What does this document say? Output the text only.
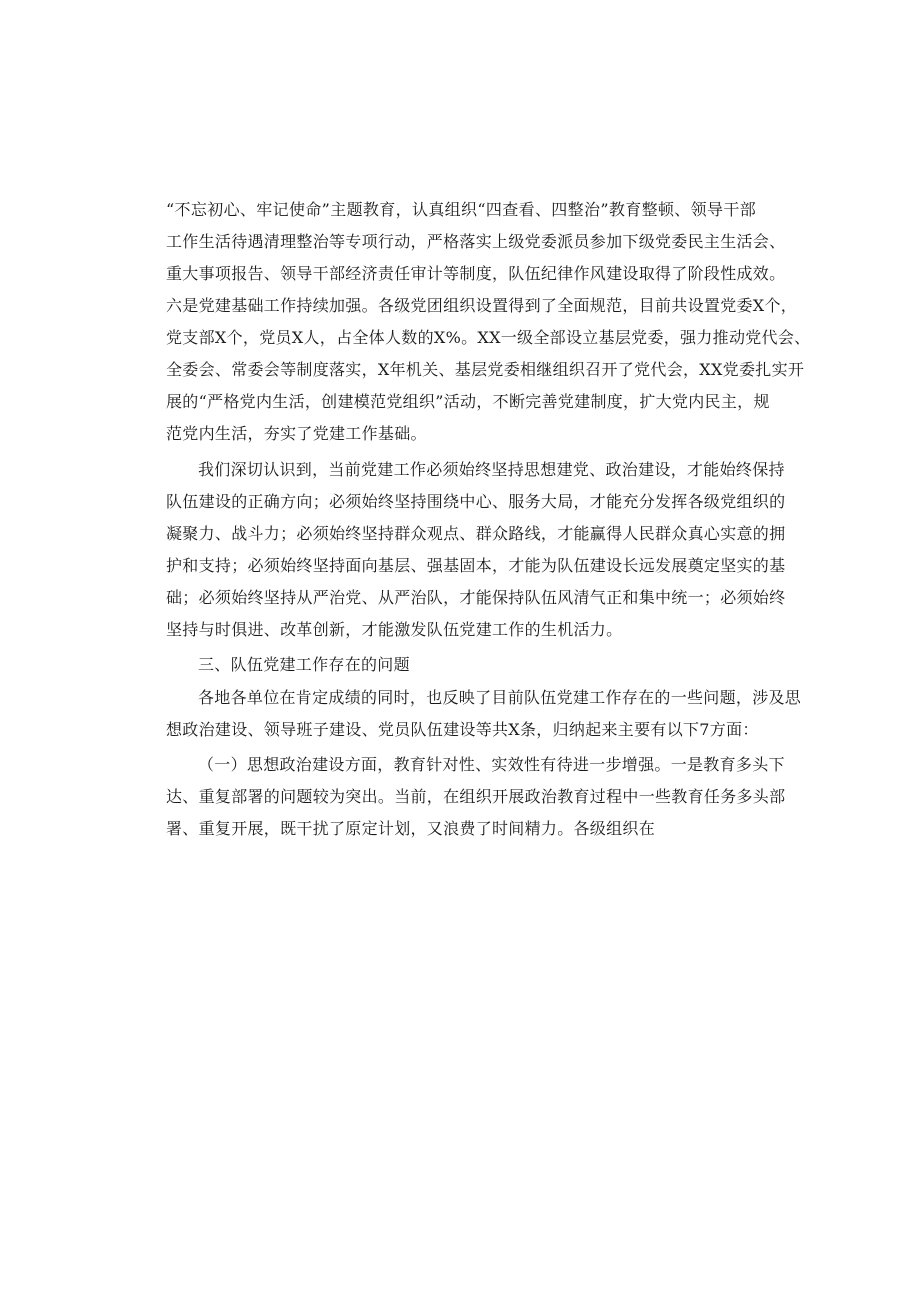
“不忘初心、牢记使命”主题教育，认真组织“四查看、四整治”教育整顿、领导干部
工作生活待遇清理整治等专项行动，严格落实上级党委派员参加下级党委民主生活会、
重大事项报告、领导干部经济责任审计等制度，队伍纪律作风建设取得了阶段性成效。
六是党建基础工作持续加强。各级党团组织设置得到了全面规范，目前共设置党委X个，
党支部X个，党员X人，占全体人数的X%。XX一级全部设立基层党委，强力推动党代会、
全委会、常委会等制度落实，X年机关、基层党委相继组织召开了党代会，XX党委扎实开
展的“严格党内生活，创建模范党组织”活动，不断完善党建制度，扩大党内民主，规
范党内生活，夯实了党建工作基础。
我们深切认识到，当前党建工作必须始终坚持思想建党、政治建设，才能始终保持
队伍建设的正确方向；必须始终坚持围绕中心、服务大局，才能充分发挥各级党组织的
凝聚力、战斗力；必须始终坚持群众观点、群众路线，才能赢得人民群众真心实意的拥
护和支持；必须始终坚持面向基层、强基固本，才能为队伍建设长远发展奠定坚实的基
础；必须始终坚持从严治党、从严治队，才能保持队伍风清气正和集中统一；必须始终
坚持与时俱进、改革创新，才能激发队伍党建工作的生机活力。
三、队伍党建工作存在的问题
各地各单位在肯定成绩的同时，也反映了目前队伍党建工作存在的一些问题，涉及思
想政治建设、领导班子建设、党员队伍建设等共X条，归纳起来主要有以下7方面：
（一）思想政治建设方面，教育针对性、实效性有待进一步增强。一是教育多头下
达、重复部署的问题较为突出。当前，在组织开展政治教育过程中一些教育任务多头部
署、重复开展，既干扰了原定计划，又浪费了时间精力。各级组织在
